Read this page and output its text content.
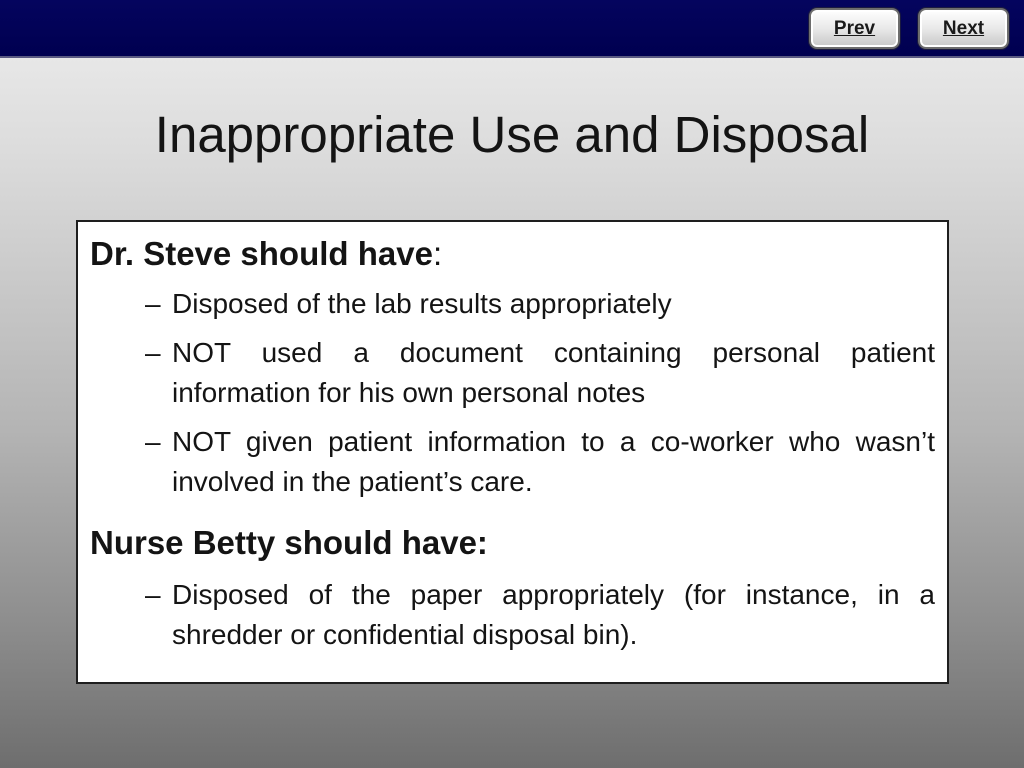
Prev	Next
Inappropriate Use and Disposal

Dr. Steve should have:

– Disposed of the lab results appropriately
– NOT used a document containing personal patient information for his own personal notes
– NOT given patient information to a co-worker who wasn’t involved in the patient’s care.

Nurse Betty should have:

– Disposed of the paper appropriately (for instance, in a shredder or confidential disposal bin).
